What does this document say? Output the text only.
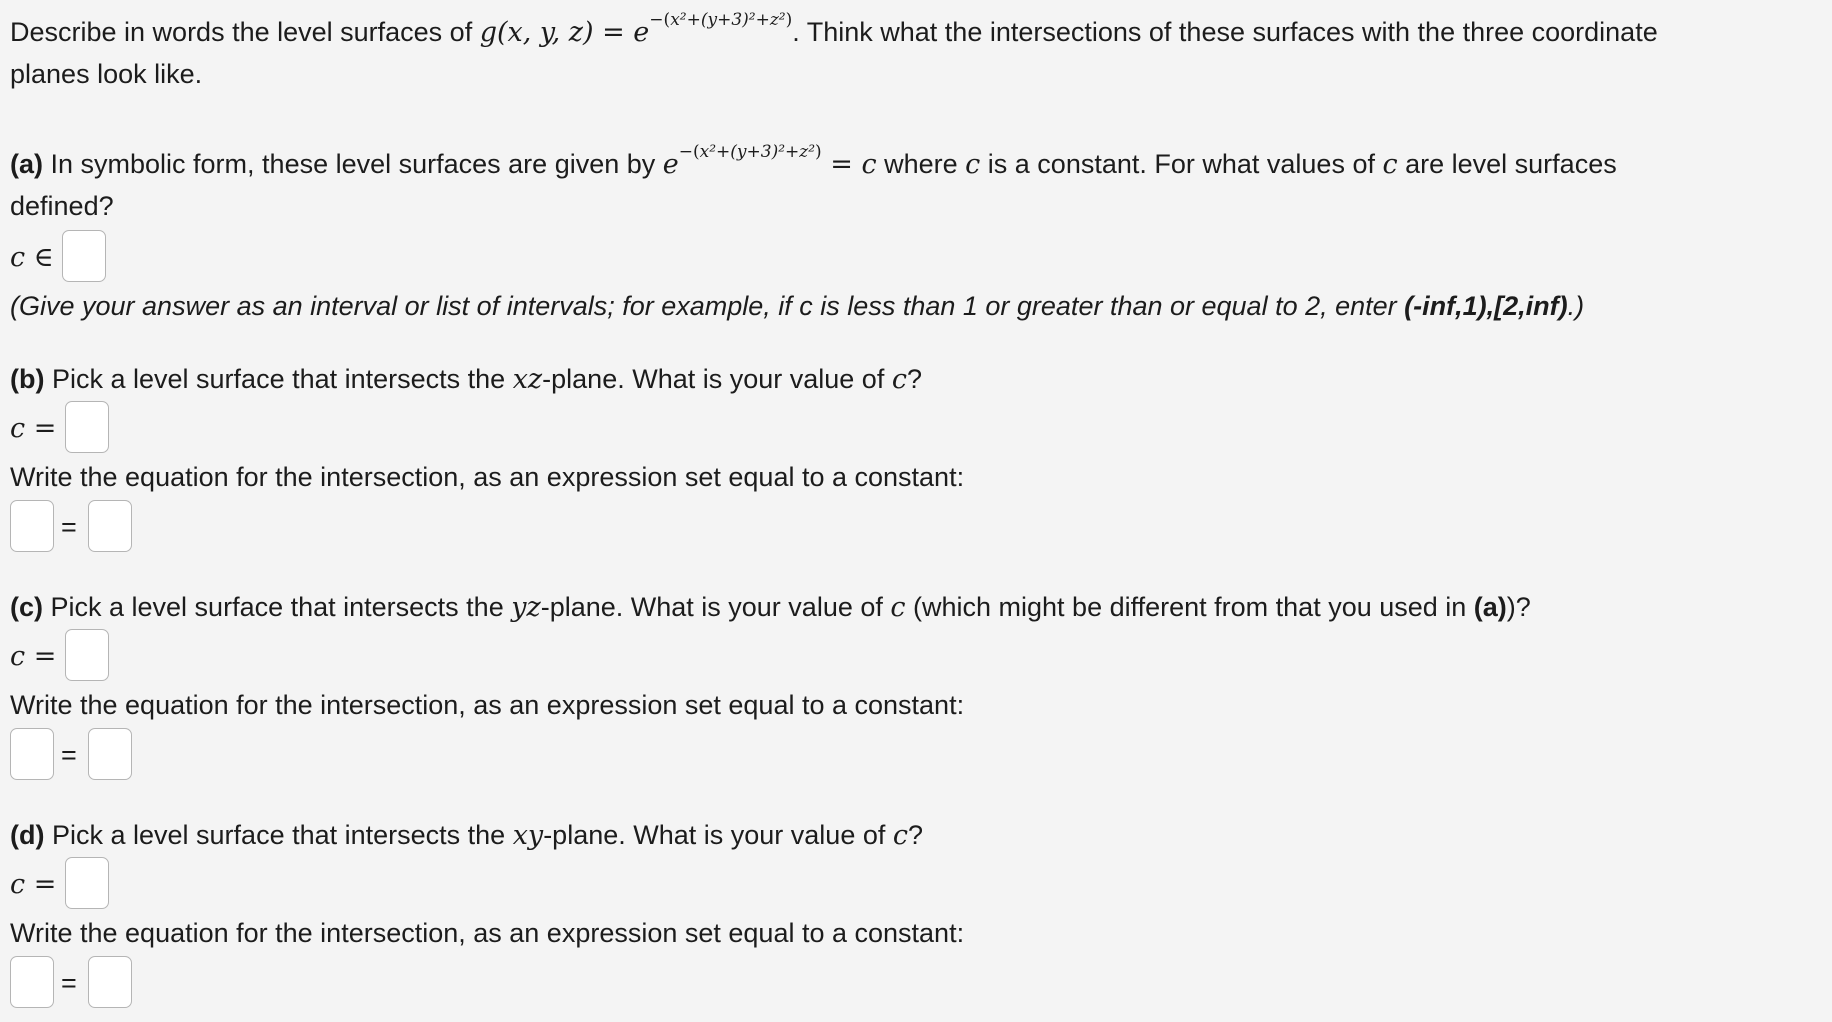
Describe in words the level surfaces of g(x, y, $z) = e^{-(x^2+(y+3)^2+z^2)}$. Think what the intersections of these surfaces with the three coordinate
planes look like.
(a) In symbolic form, these level surfaces are given by $e^{-(x^2+(y+3)^2+z^2)} = c$ where c is a constant. For what values of c are level surfaces
defined?
c ∈
(Give your answer as an interval or list of intervals; for example, if c is less than 1 or greater than or equal to 2, enter (-inf,1),[2,inf).)
(b) Pick a level surface that intersects the xz-plane. What is your value of c?
c =
Write the equation for the intersection, as an expression set equal to a constant:
=
(c) Pick a level surface that intersects the yz-plane. What is your value of c (which might be different from that you used in (a))?
c =
Write the equation for the intersection, as an expression set equal to a constant:
=
(d) Pick a level surface that intersects the xy-plane. What is your value of c?
c =
Write the equation for the intersection, as an expression set equal to a constant:
=
